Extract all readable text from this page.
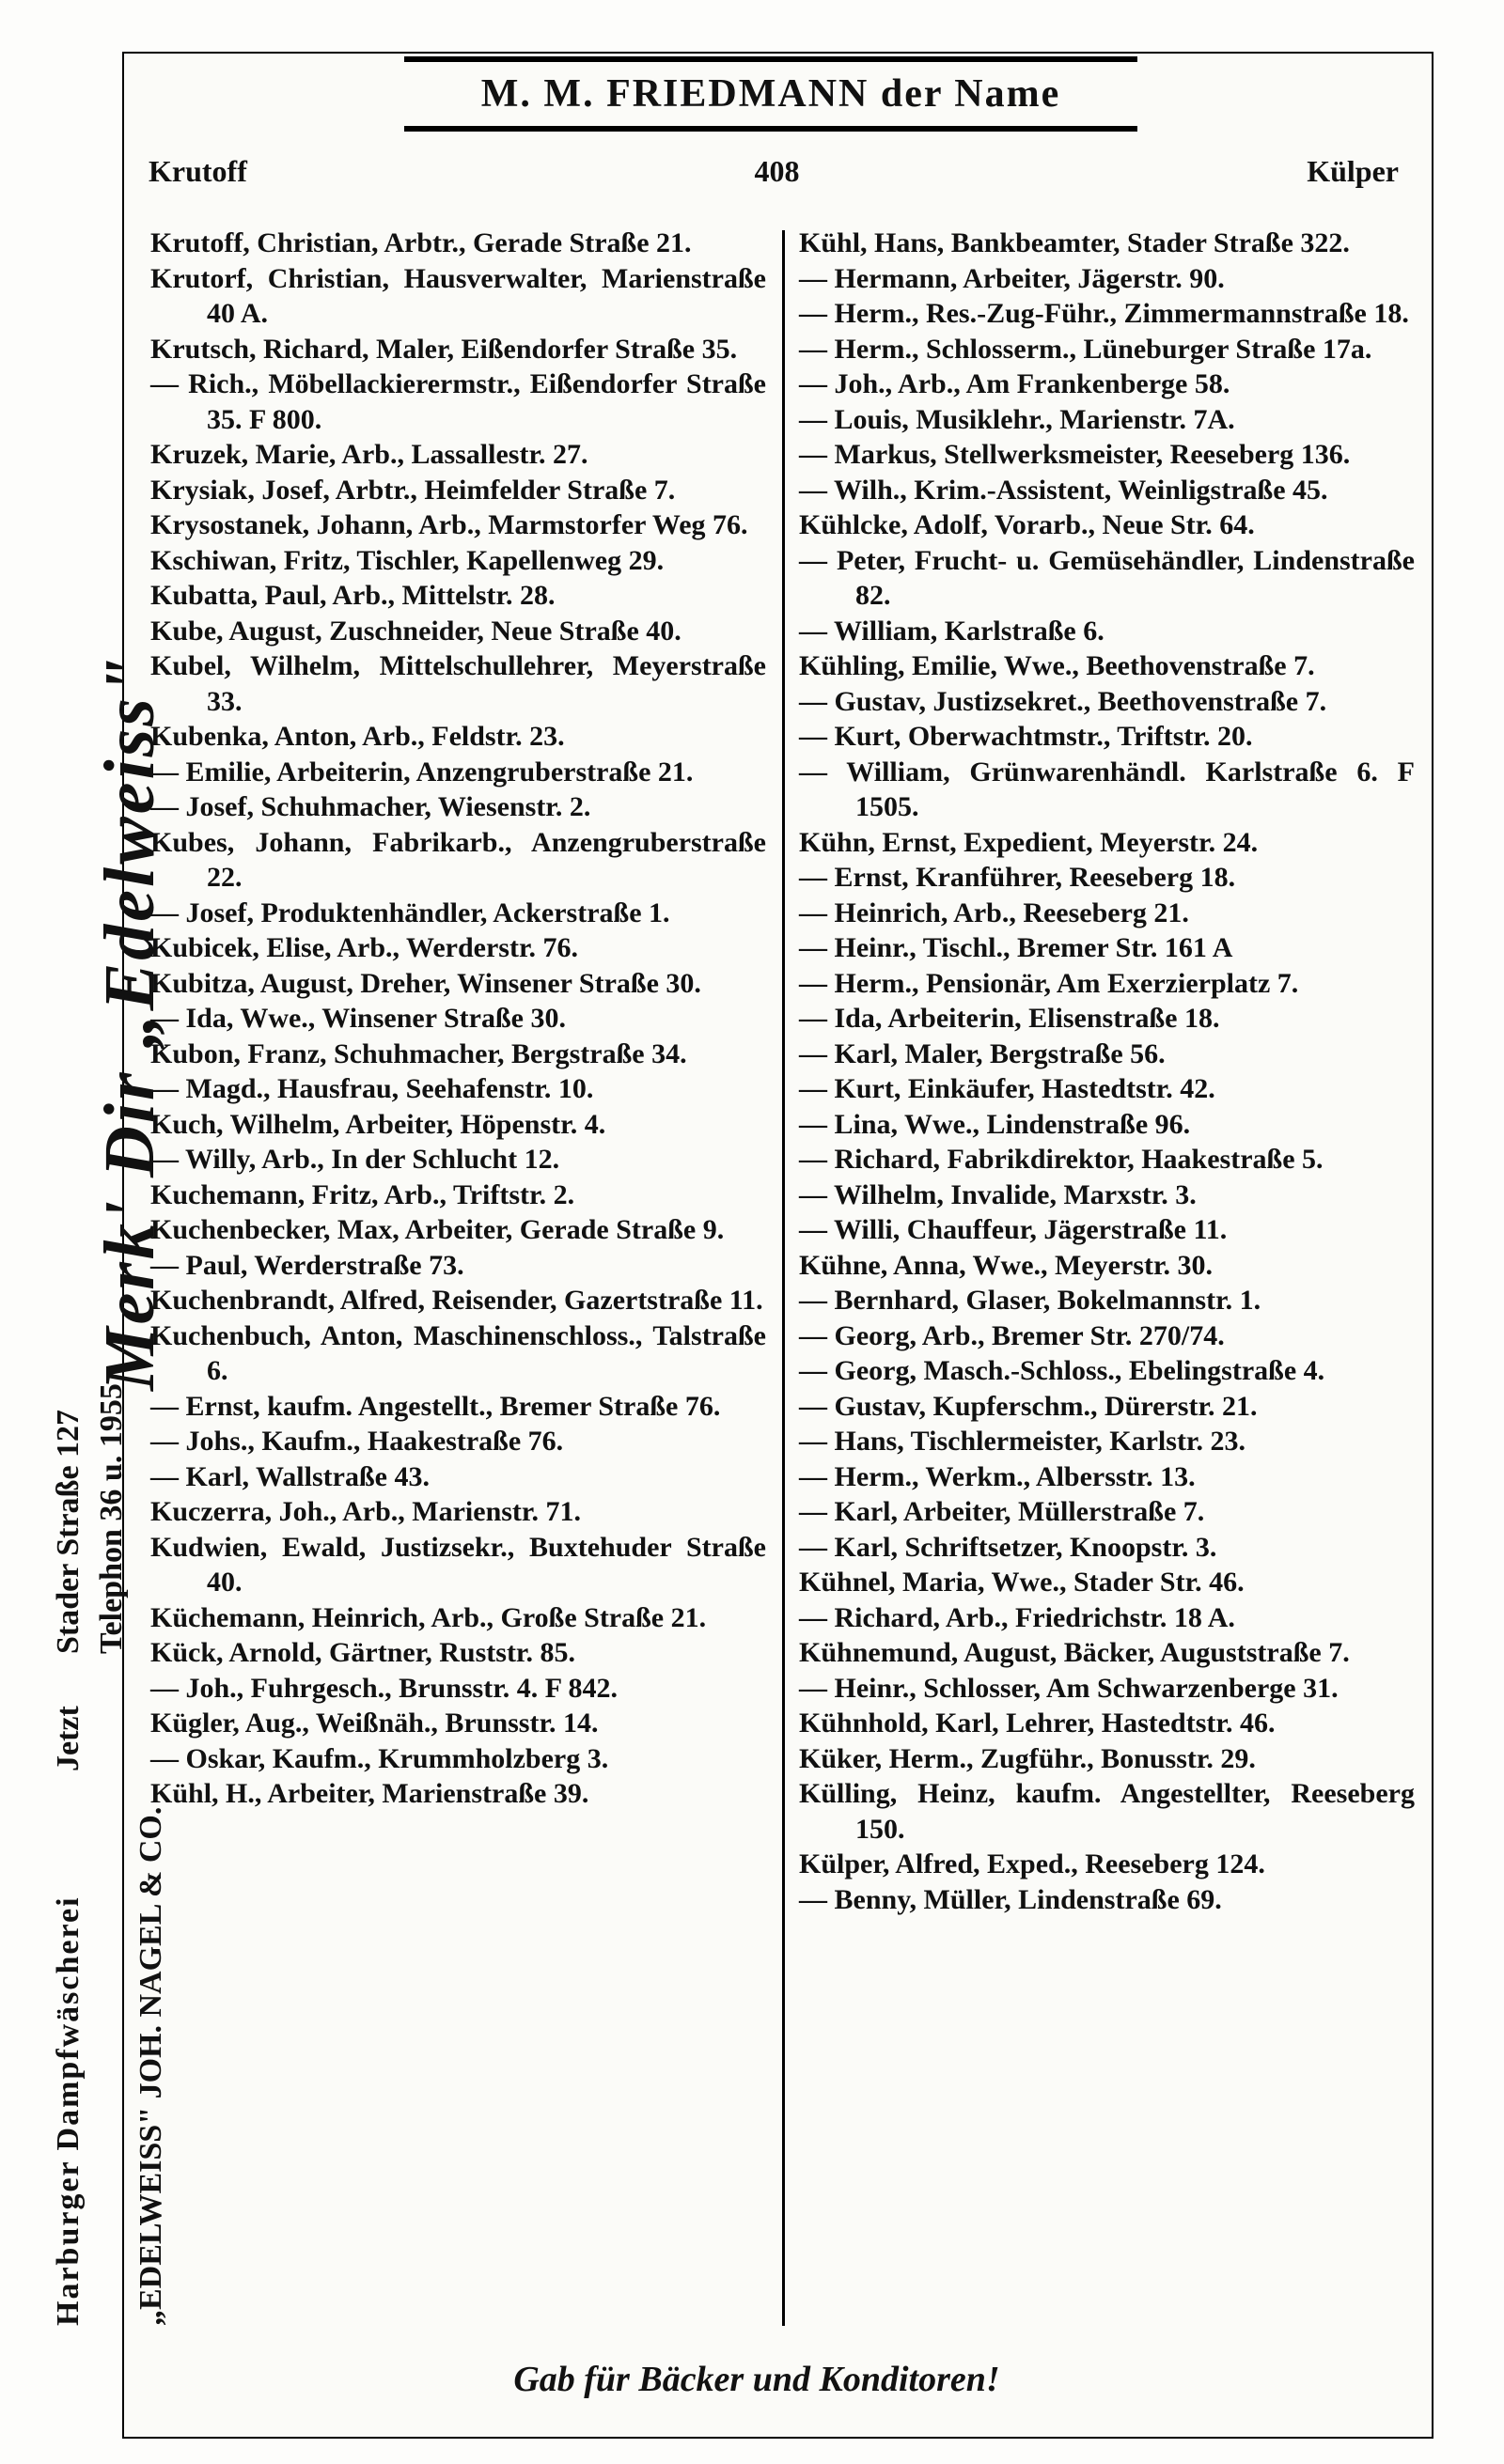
M. M. FRIEDMANN der Name
Krutoff	408	Külper
Harburger Dampfwäscherei
Merk' Dir „Edelweiss"
„EDELWEISS" JOH. NAGEL & CO.
Jetzt
Stader Straße 127 Telephon 36 u. 1955
Krutoff, Christian, Arbtr., Gerade Straße 21.
Krutorf, Christian, Hausverwalter, Marienstraße 40 A.
Krutsch, Richard, Maler, Eißendorfer Straße 35.
— Rich., Möbellackierermstr., Eißendorfer Straße 35. F 800.
Kruzek, Marie, Arb., Lassallestr. 27.
Krysiak, Josef, Arbtr., Heimfelder Straße 7.
Krysostanek, Johann, Arb., Marmstorfer Weg 76.
Kschiwan, Fritz, Tischler, Kapellenweg 29.
Kubatta, Paul, Arb., Mittelstr. 28.
Kube, August, Zuschneider, Neue Straße 40.
Kubel, Wilhelm, Mittelschullehrer, Meyerstraße 33.
Kubenka, Anton, Arb., Feldstr. 23.
— Emilie, Arbeiterin, Anzengruberstraße 21.
— Josef, Schuhmacher, Wiesenstr. 2.
Kubes, Johann, Fabrikarb., Anzengruberstraße 22.
— Josef, Produktenhändler, Ackerstraße 1.
Kubicek, Elise, Arb., Werderstr. 76.
Kubitza, August, Dreher, Winsener Straße 30.
— Ida, Wwe., Winsener Straße 30.
Kubon, Franz, Schuhmacher, Bergstraße 34.
— Magd., Hausfrau, Seehafenstr. 10.
Kuch, Wilhelm, Arbeiter, Höpenstr. 4.
— Willy, Arb., In der Schlucht 12.
Kuchemann, Fritz, Arb., Triftstr. 2.
Kuchenbecker, Max, Arbeiter, Gerade Straße 9.
— Paul, Werderstraße 73.
Kuchenbrandt, Alfred, Reisender, Gazertstraße 11.
Kuchenbuch, Anton, Maschinenschloss., Talstraße 6.
— Ernst, kaufm. Angestellt., Bremer Straße 76.
— Johs., Kaufm., Haakestraße 76.
— Karl, Wallstraße 43.
Kuczerra, Joh., Arb., Marienstr. 71.
Kudwien, Ewald, Justizsekr., Buxtehuder Straße 40.
Küchemann, Heinrich, Arb., Große Straße 21.
Kück, Arnold, Gärtner, Ruststr. 85.
— Joh., Fuhrgesch., Brunsstr. 4. F 842.
Kügler, Aug., Weißnäh., Brunsstr. 14.
— Oskar, Kaufm., Krummholzberg 3.
Kühl, H., Arbeiter, Marienstraße 39.
Kühl, Hans, Bankbeamter, Stader Straße 322.
— Hermann, Arbeiter, Jägerstr. 90.
— Herm., Res.-Zug-Führ., Zimmermannstraße 18.
— Herm., Schlosserm., Lüneburger Straße 17a.
— Joh., Arb., Am Frankenberge 58.
— Louis, Musiklehr., Marienstr. 7A.
— Markus, Stellwerksmeister, Reeseberg 136.
— Wilh., Krim.-Assistent, Weinligstraße 45.
Kühlcke, Adolf, Vorarb., Neue Str. 64.
— Peter, Frucht- u. Gemüsehändler, Lindenstraße 82.
— William, Karlstraße 6.
Kühling, Emilie, Wwe., Beethovenstraße 7.
— Gustav, Justizsekret., Beethovenstraße 7.
— Kurt, Oberwachtmstr., Triftstr. 20.
— William, Grünwarenhändl. Karlstraße 6. F 1505.
Kühn, Ernst, Expedient, Meyerstr. 24.
— Ernst, Kranführer, Reeseberg 18.
— Heinrich, Arb., Reeseberg 21.
— Heinr., Tischl., Bremer Str. 161 A
— Herm., Pensionär, Am Exerzierplatz 7.
— Ida, Arbeiterin, Elisenstraße 18.
— Karl, Maler, Bergstraße 56.
— Kurt, Einkäufer, Hastedtstr. 42.
— Lina, Wwe., Lindenstraße 96.
— Richard, Fabrikdirektor, Haakestraße 5.
— Wilhelm, Invalide, Marxstr. 3.
— Willi, Chauffeur, Jägerstraße 11.
Kühne, Anna, Wwe., Meyerstr. 30.
— Bernhard, Glaser, Bokelmannstr. 1.
— Georg, Arb., Bremer Str. 270/74.
— Georg, Masch.-Schloss., Ebelingstraße 4.
— Gustav, Kupferschm., Dürerstr. 21.
— Hans, Tischlermeister, Karlstr. 23.
— Herm., Werkm., Albersstr. 13.
— Karl, Arbeiter, Müllerstraße 7.
— Karl, Schriftsetzer, Knoopstr. 3.
Kühnel, Maria, Wwe., Stader Str. 46.
— Richard, Arb., Friedrichstr. 18 A.
Kühnemund, August, Bäcker, Auguststraße 7.
— Heinr., Schlosser, Am Schwarzenberge 31.
Kühnhold, Karl, Lehrer, Hastedtstr. 46.
Küker, Herm., Zugführ., Bonusstr. 29.
Külling, Heinz, kaufm. Angestellter, Reeseberg 150.
Külper, Alfred, Exped., Reeseberg 124.
— Benny, Müller, Lindenstraße 69.
Gab für Bäcker und Konditoren!
